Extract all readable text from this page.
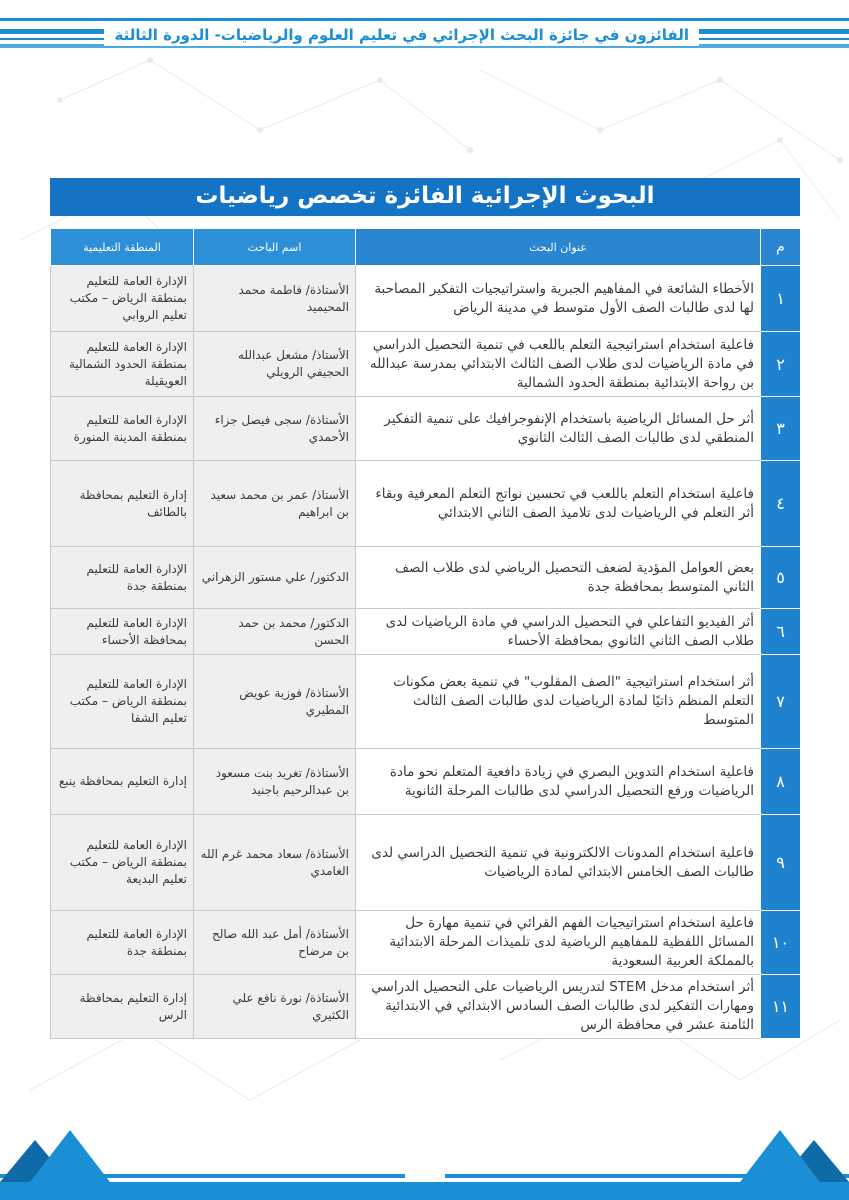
الفائزون في جائزة البحث الإجرائي في تعليم العلوم والرياضيات- الدورة الثالثة
البحوث الإجرائية الفائزة تخصص رياضيات
م	عنوان البحث	اسم الباحث	المنطقة التعليمية
١	الأخطاء الشائعة في المفاهيم الجبرية واستراتيجيات التفكير المصاحبة لها لدى طالبات الصف الأول متوسط في مدينة الرياض	الأستاذة/ فاطمة محمد المحيميد	الإدارة العامة للتعليم بمنطقة الرياض – مكتب تعليم الروابي
٢	فاعلية استخدام استراتيجية التعلم باللعب في تنمية التحصيل الدراسي في مادة الرياضيات لدى طلاب الصف الثالث الابتدائي بمدرسة عبدالله بن رواحة الابتدائية بمنطقة الحدود الشمالية	الأستاذ/ مشعل عبدالله الحجيفي الرويلي	الإدارة العامة للتعليم بمنطقة الحدود الشمالية العويقيلة
٣	أثر حل المسائل الرياضية باستخدام الإنفوجرافيك على تنمية التفكير المنطقي لدى طالبات الصف الثالث الثانوي	الأستاذة/ سجى فيصل جزاء الأحمدي	الإدارة العامة للتعليم بمنطقة المدينة المنورة
٤	فاعلية استخدام التعلم باللعب في تحسين نواتج التعلم المعرفية وبقاء أثر التعلم في الرياضيات لدى تلاميذ الصف الثاني الابتدائي	الأستاذ/ عمر بن محمد سعيد بن ابراهيم	إدارة التعليم بمحافظة بالطائف
٥	بعض العوامل المؤدية لضعف التحصيل الرياضي لدى طلاب الصف الثاني المتوسط بمحافظة جدة	الدكتور/ علي مستور الزهراني	الإدارة العامة للتعليم بمنطقة جدة
٦	أثر الفيديو التفاعلي في التحصيل الدراسي في مادة الرياضيات لدى طلاب الصف الثاني الثانوي بمحافظة الأحساء	الدكتور/ محمد بن حمد الحسن	الإدارة العامة للتعليم بمحافظة الأحساء
٧	أثر استخدام استراتيجية "الصف المقلوب" في تنمية بعض مكونات التعلم المنظم ذاتيًا لمادة الرياضيات لدى طالبات الصف الثالث المتوسط	الأستاذة/ فوزية عويض المطيري	الإدارة العامة للتعليم بمنطقة الرياض – مكتب تعليم الشفا
٨	فاعلية استخدام التدوين البصري في زيادة دافعية المتعلم نحو مادة الرياضيات ورفع التحصيل الدراسي لدى طالبات المرحلة الثانوية	الأستاذة/ تغريد بنت مسعود بن عبدالرحيم باجنيد	إدارة التعليم بمحافظة ينبع
٩	فاعلية استخدام المدونات الالكترونية في تنمية التحصيل الدراسي لدى طالبات الصف الخامس الابتدائي لمادة الرياضيات	الأستاذة/ سعاد محمد غرم الله الغامدي	الإدارة العامة للتعليم بمنطقة الرياض – مكتب تعليم البديعة
١٠	فاعلية استخدام استراتيجيات الفهم القرائي في تنمية مهارة حل المسائل اللفظية للمفاهيم الرياضية لدى تلميذات المرحلة الابتدائية بالمملكة العربية السعودية	الأستاذة/ أمل عبد الله صالح بن مرضاح	الإدارة العامة للتعليم بمنطقة جدة
١١	أثر استخدام مدخل STEM لتدريس الرياضيات على التحصيل الدراسي ومهارات التفكير لدى طالبات الصف السادس الابتدائي في الابتدائية الثامنة عشر في محافظة الرس	الأستاذة/ نورة نافع علي الكثيري	إدارة التعليم بمحافظة الرس
